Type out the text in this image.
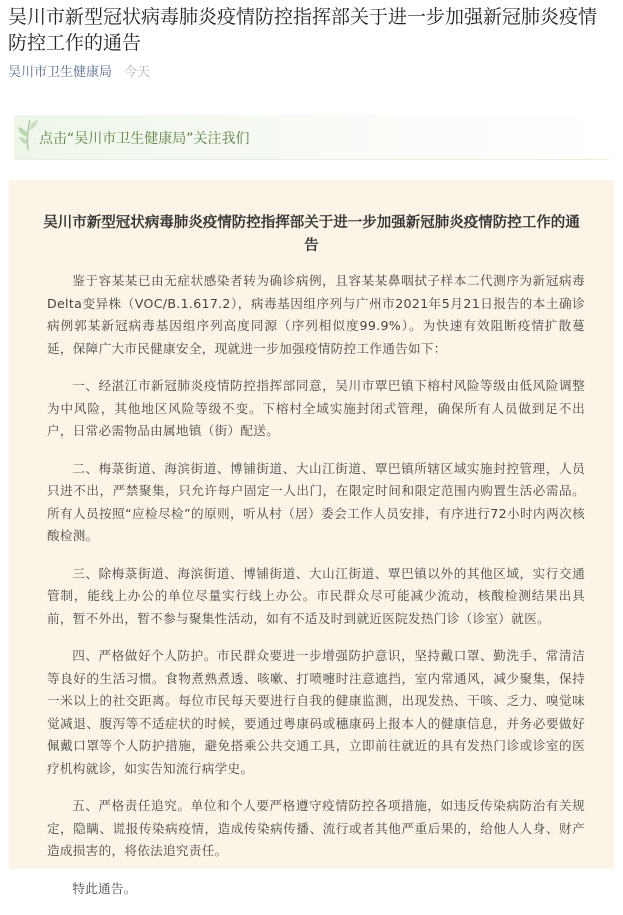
吴川市新型冠状病毒肺炎疫情防控指挥部关于进一步加强新冠肺炎疫情防控工作的通告
吴川市卫生健康局 今天
点击“吴川市卫生健康局”关注我们
吴川市新型冠状病毒肺炎疫情防控指挥部关于进一步加强新冠肺炎疫情防控工作的通告

鉴于容某某已由无症状感染者转为确诊病例，且容某某鼻咽拭子样本二代测序为新冠病毒Delta变异株（VOC/B.1.617.2），病毒基因组序列与广州市2021年5月21日报告的本土确诊病例郭某新冠病毒基因组序列高度同源（序列相似度99.9%）。为快速有效阻断疫情扩散蔓延，保障广大市民健康安全，现就进一步加强疫情防控工作通告如下：

一、经湛江市新冠肺炎疫情防控指挥部同意，吴川市覃巴镇下榕村风险等级由低风险调整为中风险，其他地区风险等级不变。下榕村全域实施封闭式管理，确保所有人员做到足不出户，日常必需物品由属地镇（街）配送。

二、梅菉街道、海滨街道、博铺街道、大山江街道、覃巴镇所辖区域实施封控管理，人员只进不出，严禁聚集，只允许每户固定一人出门，在限定时间和限定范围内购置生活必需品。所有人员按照“应检尽检”的原则，听从村（居）委会工作人员安排，有序进行72小时内两次核酸检测。

三、除梅菉街道、海滨街道、博铺街道、大山江街道、覃巴镇以外的其他区域，实行交通管制，能线上办公的单位尽量实行线上办公。市民群众尽可能减少流动，核酸检测结果出具前，暂不外出，暂不参与聚集性活动，如有不适及时到就近医院发热门诊（诊室）就医。

四、严格做好个人防护。市民群众要进一步增强防护意识，坚持戴口罩、勤洗手、常清洁等良好的生活习惯。食物煮熟煮透、咳嗽、打喷嚏时注意遮挡，室内常通风，减少聚集，保持一米以上的社交距离。每位市民每天要进行自我的健康监测，出现发热、干咳、乏力、嗅觉味觉减退、腹泻等不适症状的时候，要通过粤康码或穗康码上报本人的健康信息，并务必要做好佩戴口罩等个人防护措施，避免搭乘公共交通工具，立即前往就近的具有发热门诊或诊室的医疗机构就诊，如实告知流行病学史。

五、严格责任追究。单位和个人要严格遵守疫情防控各项措施，如违反传染病防治有关规定，隐瞒、谎报传染病疫情，造成传染病传播、流行或者其他严重后果的，给他人人身、财产造成损害的，将依法追究责任。

特此通告。
